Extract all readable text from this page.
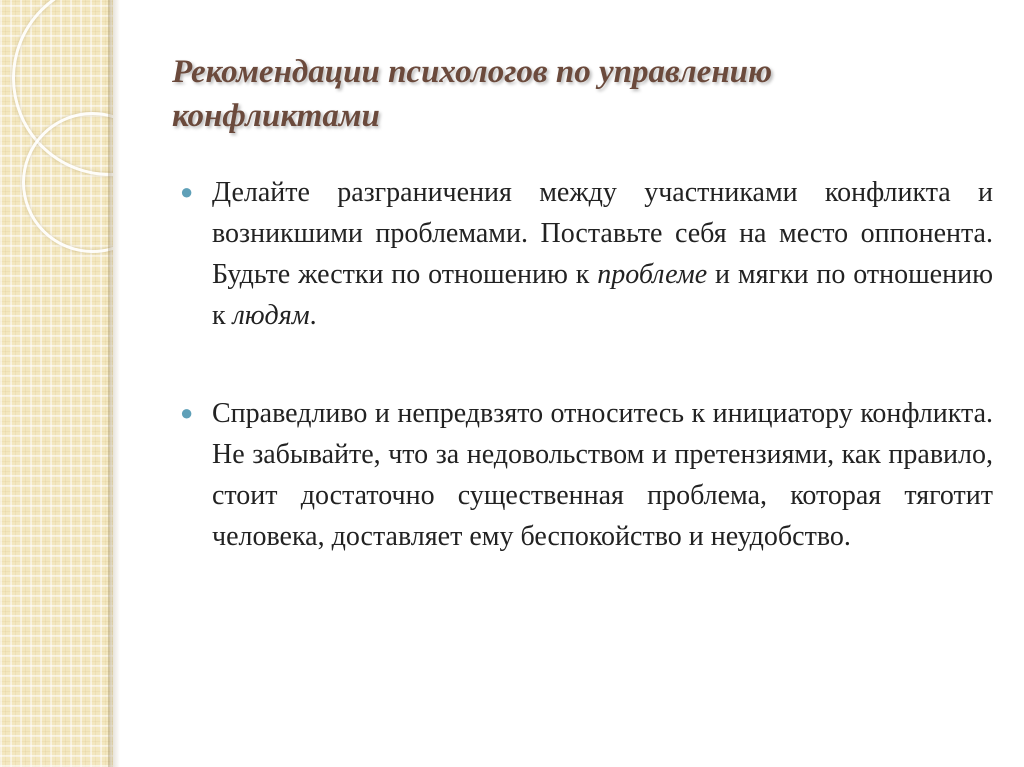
Рекомендации психологов по управлению
конфликтами
● Делайте разграничения между участниками конфликта и возникшими проблемами. Поставьте себя на место оппонента. Будьте жестки по отношению к проблеме и мягки по отношению к людям.
● Справедливо и непредвзято относитесь к инициатору конфликта. Не забывайте, что за недовольством и претензиями, как правило, стоит достаточно существенная проблема, которая тяготит человека, доставляет ему беспокойство и неудобство.
